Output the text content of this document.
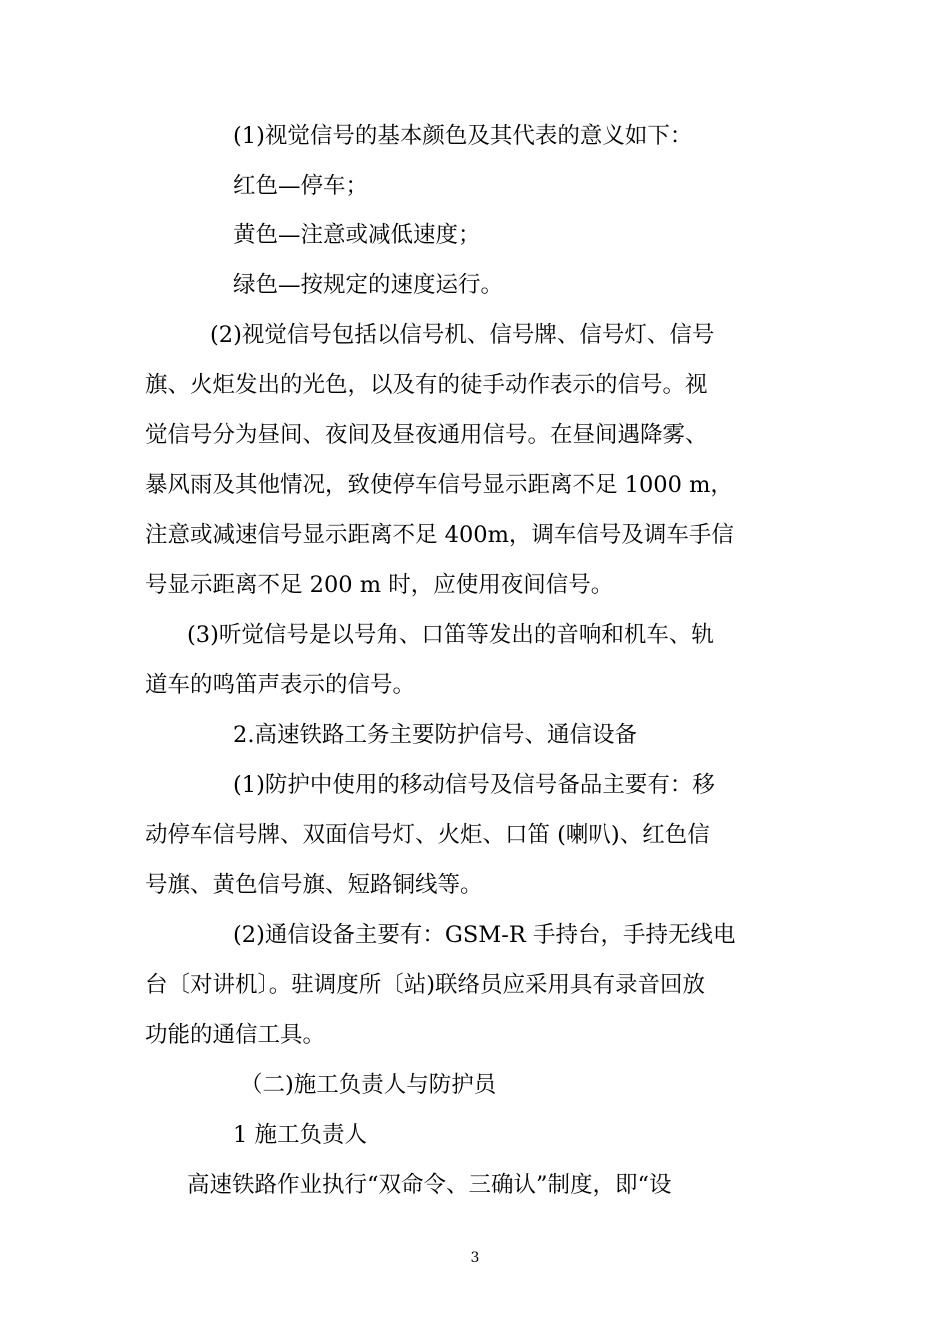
(1)视觉信号的基本颜色及其代表的意义如下：

红色—停车；

黄色—注意或减低速度；

绿色—按规定的速度运行。

(2)视觉信号包括以信号机、信号牌、信号灯、信号

旗、火炬发出的光色，以及有的徒手动作表示的信号。视

觉信号分为昼间、夜间及昼夜通用信号。在昼间遇降雾、

暴风雨及其他情况，致使停车信号显示距离不足 1000 m，

注意或减速信号显示距离不足 400m，调车信号及调车手信

号显示距离不足 200 m 时，应使用夜间信号。

(3)听觉信号是以号角、口笛等发出的音响和机车、轨

道车的鸣笛声表示的信号。

2.高速铁路工务主要防护信号、通信设备

(1)防护中使用的移动信号及信号备品主要有：移

动停车信号牌、双面信号灯、火炬、口笛 (喇叭)、红色信

号旗、黄色信号旗、短路铜线等。

(2)通信设备主要有：GSM-R 手持台，手持无线电

台〔对讲机〕。驻调度所〔站)联络员应采用具有录音回放

功能的通信工具。

（二)施工负责人与防护员

1 施工负责人

高速铁路作业执行“双命令、三确认”制度，即“设

3
